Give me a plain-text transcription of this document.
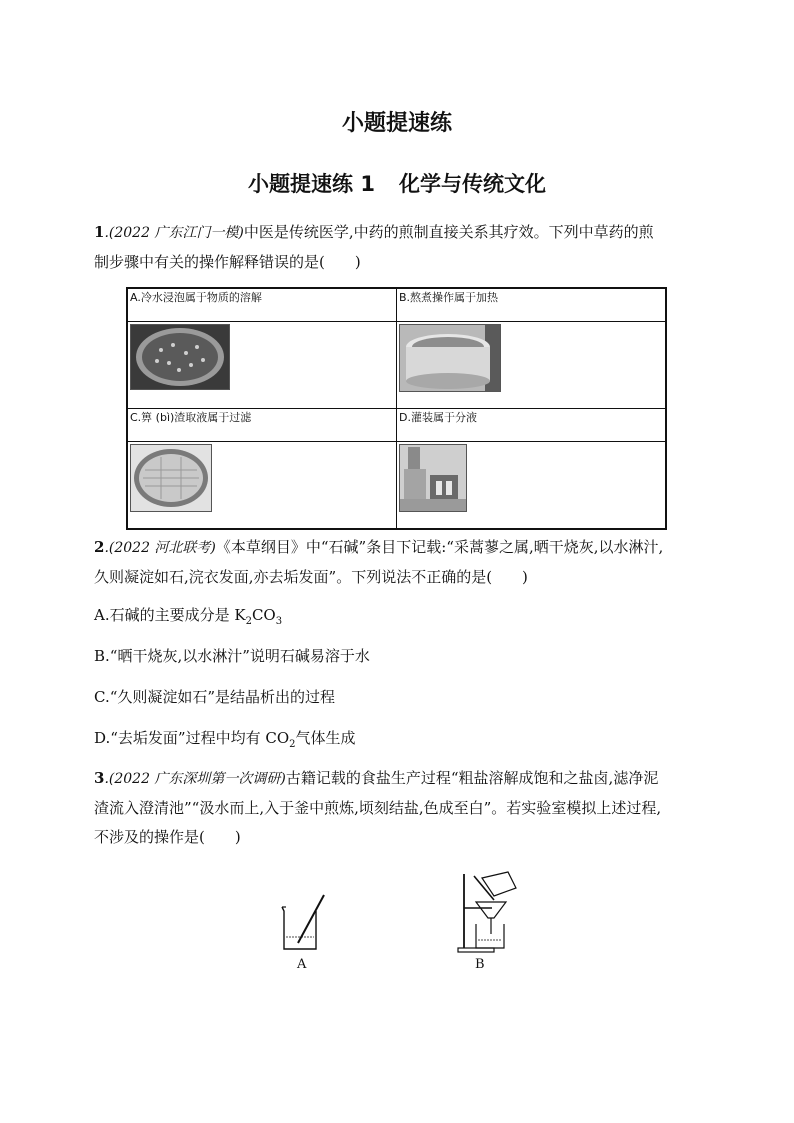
小题提速练
小题提速练 1 化学与传统文化
1.(2022 广东江门一模)中医是传统医学,中药的煎制直接关系其疗效。下列中草药的煎
制步骤中有关的操作解释错误的是(　　)
A.冷水浸泡属于物质的溶解	B.熬煮操作属于加热

C.箅 (bì)渣取液属于过滤	D.灌装属于分液

2.(2022 河北联考)《本草纲目》中“石碱”条目下记载:“采蒿蓼之属,晒干烧灰,以水淋汁,
久则凝淀如石,浣衣发面,亦去垢发面”。下列说法不正确的是(　　)
A.石碱的主要成分是 $K_2CO_3$
B.“晒干烧灰,以水淋汁”说明石碱易溶于水
C.“久则凝淀如石”是结晶析出的过程
D.“去垢发面”过程中均有 $CO_2$气体生成
3.(2022 广东深圳第一次调研)古籍记载的食盐生产过程“粗盐溶解成饱和之盐卤,滤净泥
渣流入澄清池”“汲水而上,入于釜中煎炼,顷刻结盐,色成至白”。若实验室模拟上述过程,
不涉及的操作是(　　)
A	B
